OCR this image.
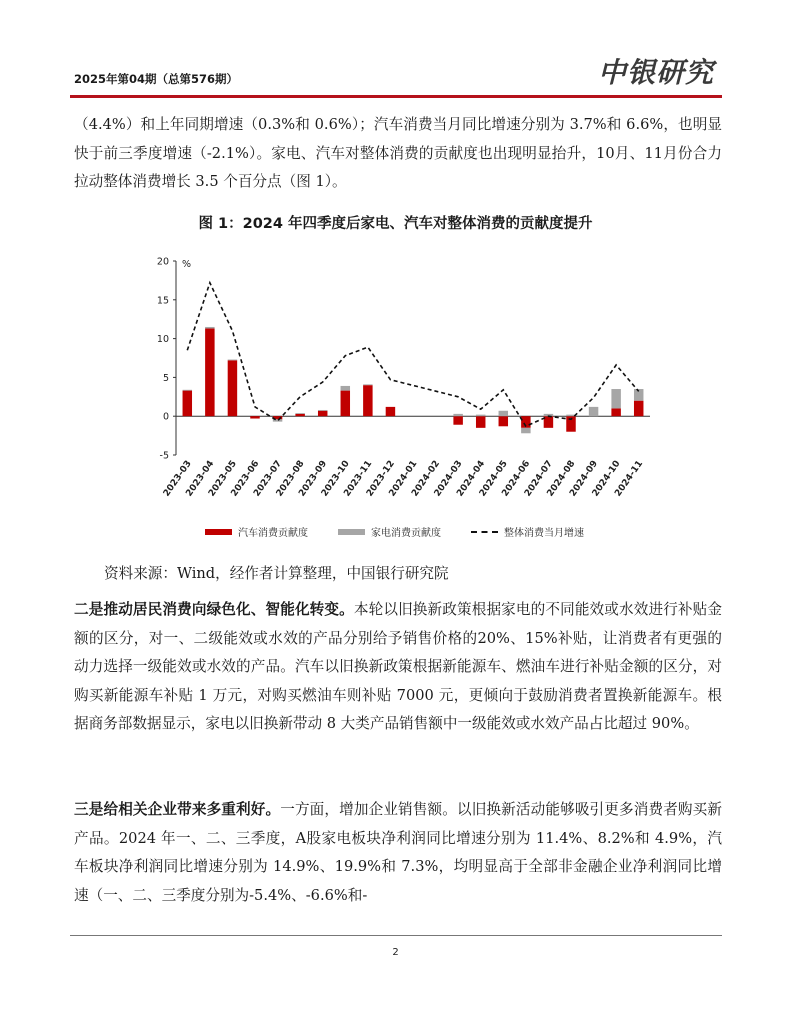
2025年第04期（总第576期）	中银研究

（4.4%）和上年同期增速（0.3%和 0.6%）；汽车消费当月同比增速分别为 3.7%和 6.6%，也明显快于前三季度增速（-2.1%）。家电、汽车对整体消费的贡献度也出现明显抬升，10月、11月份合力拉动整体消费增长 3.5 个百分点（图 1）。

图 1：2024 年四季度后家电、汽车对整体消费的贡献度提升
-5
0
5
10
15
20 %
2023-03
2023-04
2023-05
2023-06
2023-07
2023-08
2023-09
2023-10
2023-11
2023-12
2024-01
2024-02
2024-03
2024-04
2024-05
2024-06
2024-07
2024-08
2024-09
2024-10
2024-11
汽车消费贡献度	家电消费贡献度	整体消费当月增速
资料来源：Wind，经作者计算整理，中国银行研究院

二是推动居民消费向绿色化、智能化转变。本轮以旧换新政策根据家电的不同能效或水效进行补贴金额的区分，对一、二级能效或水效的产品分别给予销售价格的20%、15%补贴，让消费者有更强的动力选择一级能效或水效的产品。汽车以旧换新政策根据新能源车、燃油车进行补贴金额的区分，对购买新能源车补贴 1 万元，对购买燃油车则补贴 7000 元，更倾向于鼓励消费者置换新能源车。根据商务部数据显示，家电以旧换新带动 8 大类产品销售额中一级能效或水效产品占比超过 90%。

三是给相关企业带来多重利好。一方面，增加企业销售额。以旧换新活动能够吸引更多消费者购买新产品。2024 年一、二、三季度，A股家电板块净利润同比增速分别为 11.4%、8.2%和 4.9%，汽车板块净利润同比增速分别为 14.9%、19.9%和 7.3%，均明显高于全部非金融企业净利润同比增速（一、二、三季度分别为-5.4%、-6.6%和-

2
